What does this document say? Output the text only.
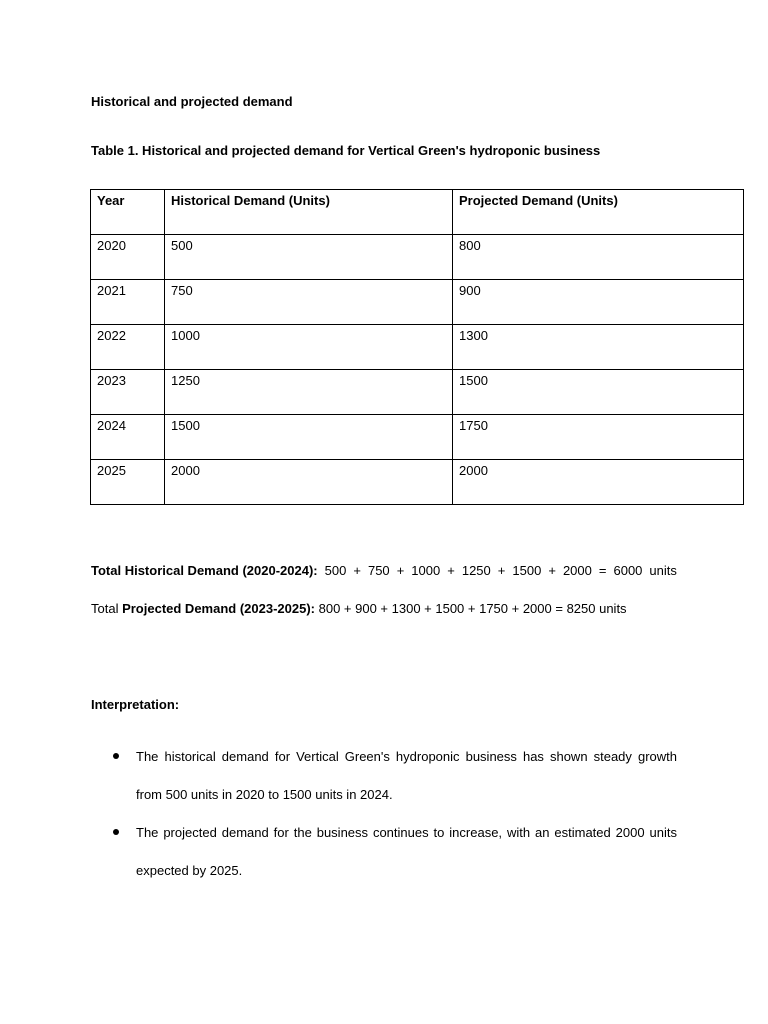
Historical and projected demand

Table 1. Historical and projected demand for Vertical Green's hydroponic business

Year	Historical Demand (Units)	Projected Demand (Units)
2020	500	800
2021	750	900
2022	1000	1300
2023	1250	1500
2024	1500	1750
2025	2000	2000
Total Historical Demand (2020-2024): 500 + 750 + 1000 + 1250 + 1500 + 2000 = 6000 units

Total Projected Demand (2023-2025): 800 + 900 + 1300 + 1500 + 1750 + 2000 = 8250 units

Interpretation:

The historical demand for Vertical Green's hydroponic business has shown steady growth from 500 units in 2020 to 1500 units in 2024.
The projected demand for the business continues to increase, with an estimated 2000 units expected by 2025.
